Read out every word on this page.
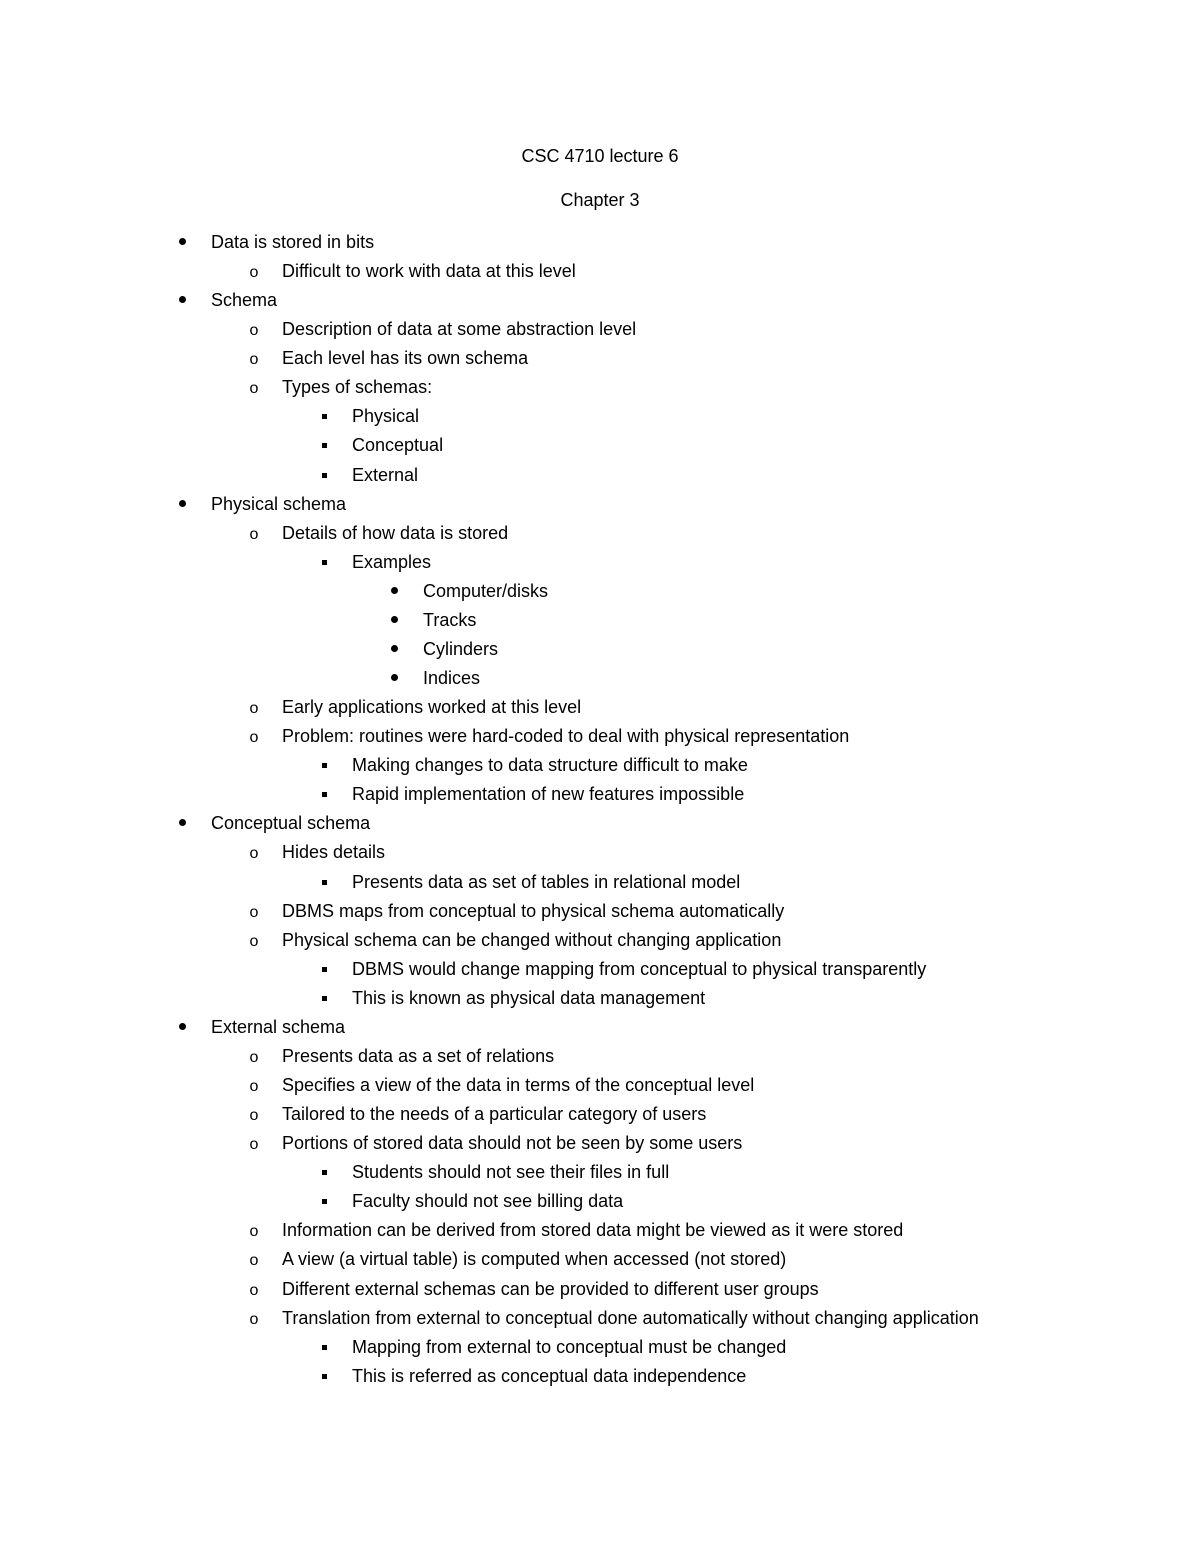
CSC 4710 lecture 6
Chapter 3
Data is stored in bits
o	Difficult to work with data at this level
Schema
o	Description of data at some abstraction level
o	Each level has its own schema
o	Types of schemas:
Physical
Conceptual
External
Physical schema
o	Details of how data is stored
Examples
Computer/disks
Tracks
Cylinders
Indices
o	Early applications worked at this level
o	Problem: routines were hard-coded to deal with physical representation
Making changes to data structure difficult to make
Rapid implementation of new features impossible
Conceptual schema
o	Hides details
Presents data as set of tables in relational model
o	DBMS maps from conceptual to physical schema automatically
o	Physical schema can be changed without changing application
DBMS would change mapping from conceptual to physical transparently
This is known as physical data management
External schema
o	Presents data as a set of relations
o	Specifies a view of the data in terms of the conceptual level
o	Tailored to the needs of a particular category of users
o	Portions of stored data should not be seen by some users
Students should not see their files in full
Faculty should not see billing data
o	Information can be derived from stored data might be viewed as it were stored
o	A view (a virtual table) is computed when accessed (not stored)
o	Different external schemas can be provided to different user groups
o	Translation from external to conceptual done automatically without changing application
Mapping from external to conceptual must be changed
This is referred as conceptual data independence
